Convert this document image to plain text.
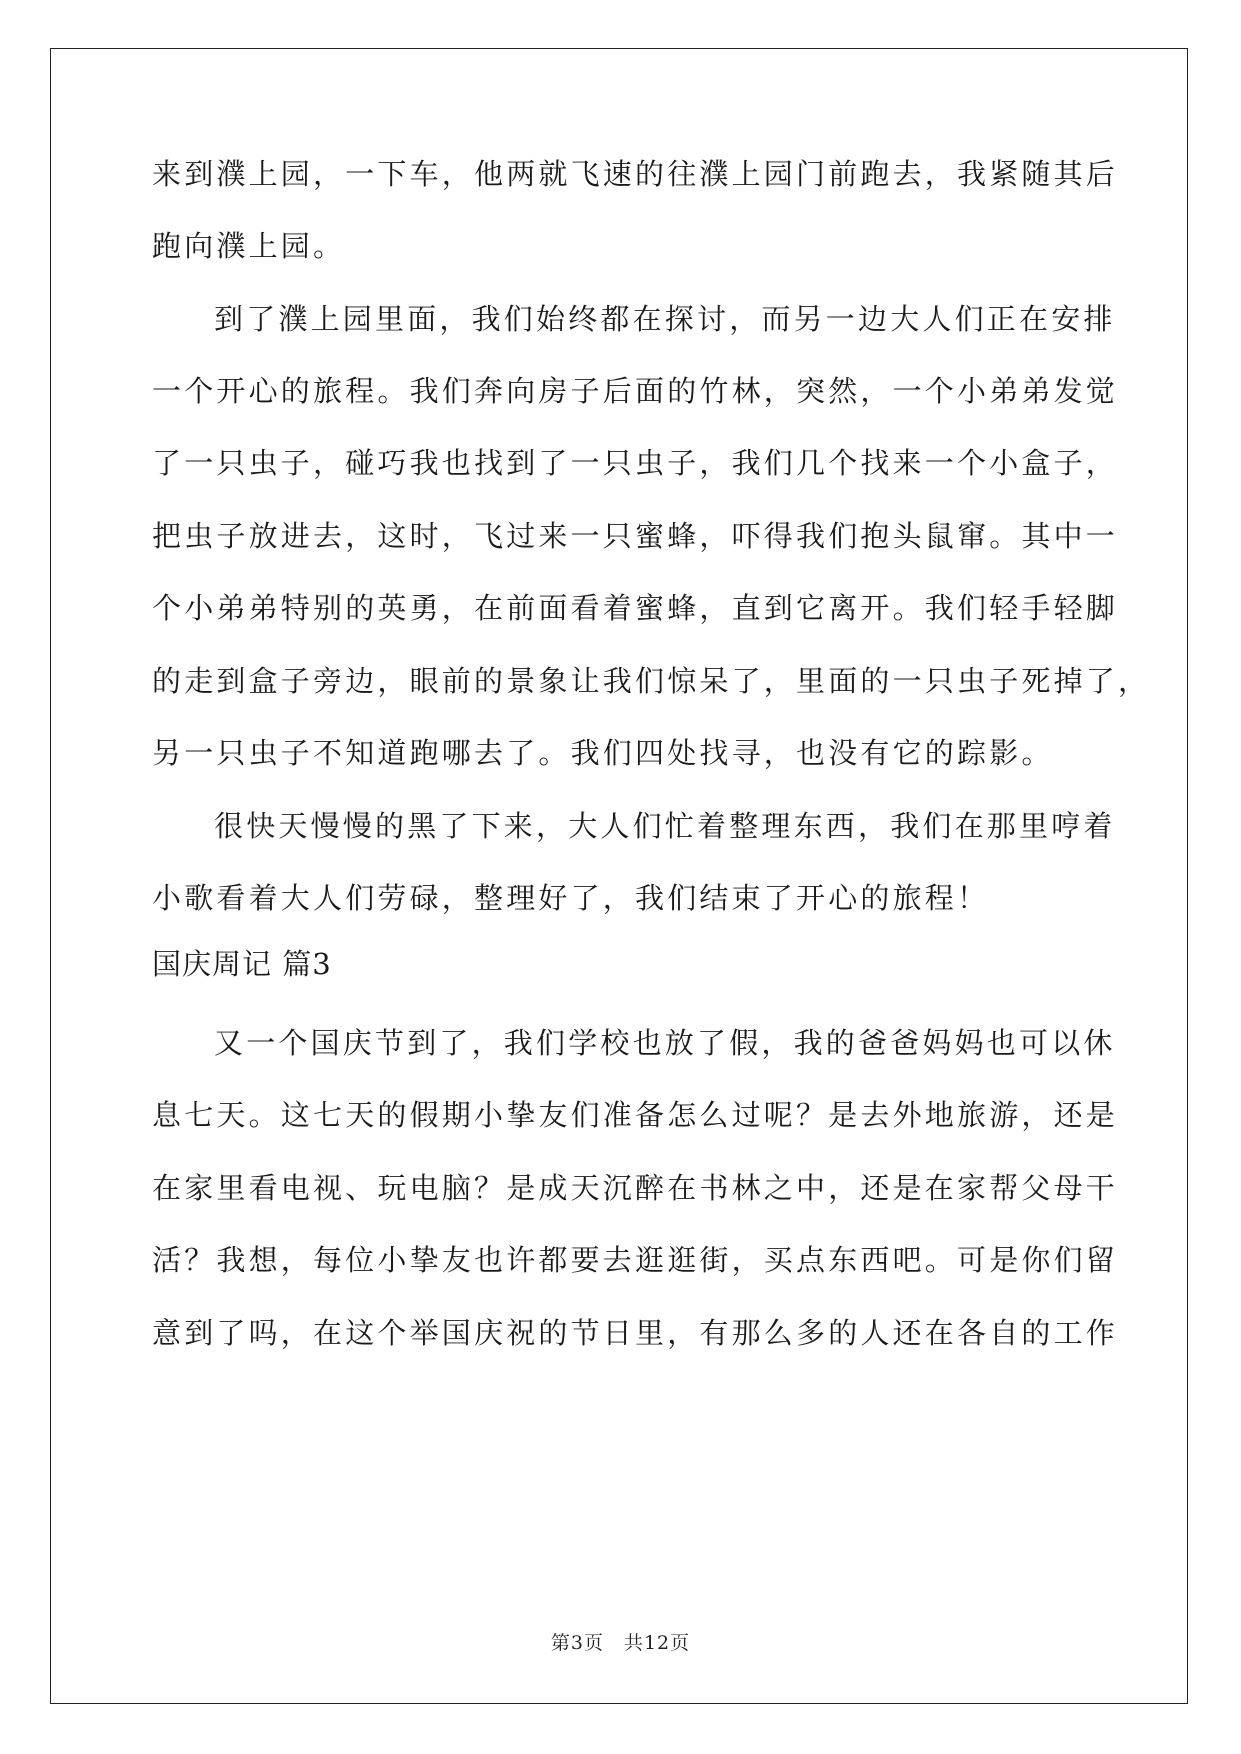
来到濮上园，一下车，他两就飞速的往濮上园门前跑去，我紧随其后
跑向濮上园。
到了濮上园里面，我们始终都在探讨，而另一边大人们正在安排
一个开心的旅程。我们奔向房子后面的竹林，突然，一个小弟弟发觉
了一只虫子，碰巧我也找到了一只虫子，我们几个找来一个小盒子，
把虫子放进去，这时，飞过来一只蜜蜂，吓得我们抱头鼠窜。其中一
个小弟弟特别的英勇，在前面看着蜜蜂，直到它离开。我们轻手轻脚
的走到盒子旁边，眼前的景象让我们惊呆了，里面的一只虫子死掉了，
另一只虫子不知道跑哪去了。我们四处找寻，也没有它的踪影。
很快天慢慢的黑了下来，大人们忙着整理东西，我们在那里哼着
小歌看着大人们劳碌，整理好了，我们结束了开心的旅程！
国庆周记 篇3
又一个国庆节到了，我们学校也放了假，我的爸爸妈妈也可以休
息七天。这七天的假期小挚友们准备怎么过呢？是去外地旅游，还是
在家里看电视、玩电脑？是成天沉醉在书林之中，还是在家帮父母干
活？我想，每位小挚友也许都要去逛逛街，买点东西吧。可是你们留
意到了吗，在这个举国庆祝的节日里，有那么多的人还在各自的工作
第3页　共12页
